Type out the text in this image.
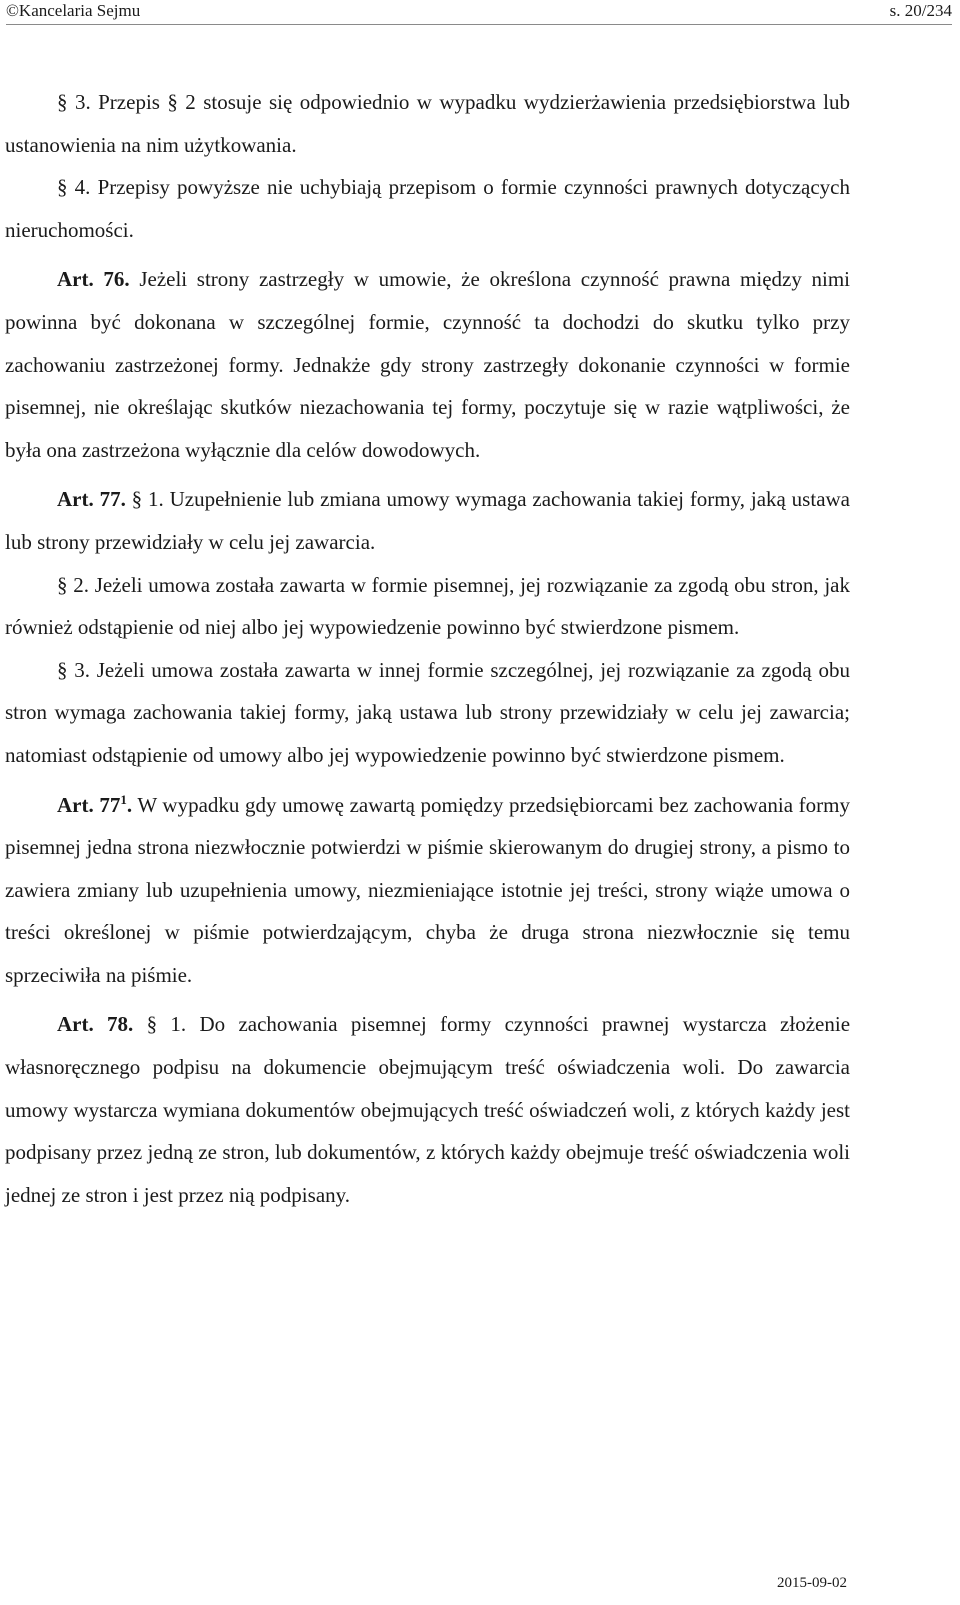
©Kancelaria Sejmu	s. 20/234

§ 3. Przepis § 2 stosuje się odpowiednio w wypadku wydzierżawienia przedsiębiorstwa lub ustanowienia na nim użytkowania.

§ 4. Przepisy powyższe nie uchybiają przepisom o formie czynności prawnych dotyczących nieruchomości.

Art. 76. Jeżeli strony zastrzegły w umowie, że określona czynność prawna między nimi powinna być dokonana w szczególnej formie, czynność ta dochodzi do skutku tylko przy zachowaniu zastrzeżonej formy. Jednakże gdy strony zastrzegły dokonanie czynności w formie pisemnej, nie określając skutków niezachowania tej formy, poczytuje się w razie wątpliwości, że była ona zastrzeżona wyłącznie dla celów dowodowych.

Art. 77. § 1. Uzupełnienie lub zmiana umowy wymaga zachowania takiej formy, jaką ustawa lub strony przewidziały w celu jej zawarcia.

§ 2. Jeżeli umowa została zawarta w formie pisemnej, jej rozwiązanie za zgodą obu stron, jak również odstąpienie od niej albo jej wypowiedzenie powinno być stwierdzone pismem.

§ 3. Jeżeli umowa została zawarta w innej formie szczególnej, jej rozwiązanie za zgodą obu stron wymaga zachowania takiej formy, jaką ustawa lub strony przewidziały w celu jej zawarcia; natomiast odstąpienie od umowy albo jej wypowiedzenie powinno być stwierdzone pismem.

Art. $77^1$. W wypadku gdy umowę zawartą pomiędzy przedsiębiorcami bez zachowania formy pisemnej jedna strona niezwłocznie potwierdzi w piśmie skierowanym do drugiej strony, a pismo to zawiera zmiany lub uzupełnienia umowy, niezmieniające istotnie jej treści, strony wiąże umowa o treści określonej w piśmie potwierdzającym, chyba że druga strona niezwłocznie się temu sprzeciwiła na piśmie.

Art. 78. § 1. Do zachowania pisemnej formy czynności prawnej wystarcza złożenie własnoręcznego podpisu na dokumencie obejmującym treść oświadczenia woli. Do zawarcia umowy wystarcza wymiana dokumentów obejmujących treść oświadczeń woli, z których każdy jest podpisany przez jedną ze stron, lub dokumentów, z których każdy obejmuje treść oświadczenia woli jednej ze stron i jest przez nią podpisany.

2015-09-02
